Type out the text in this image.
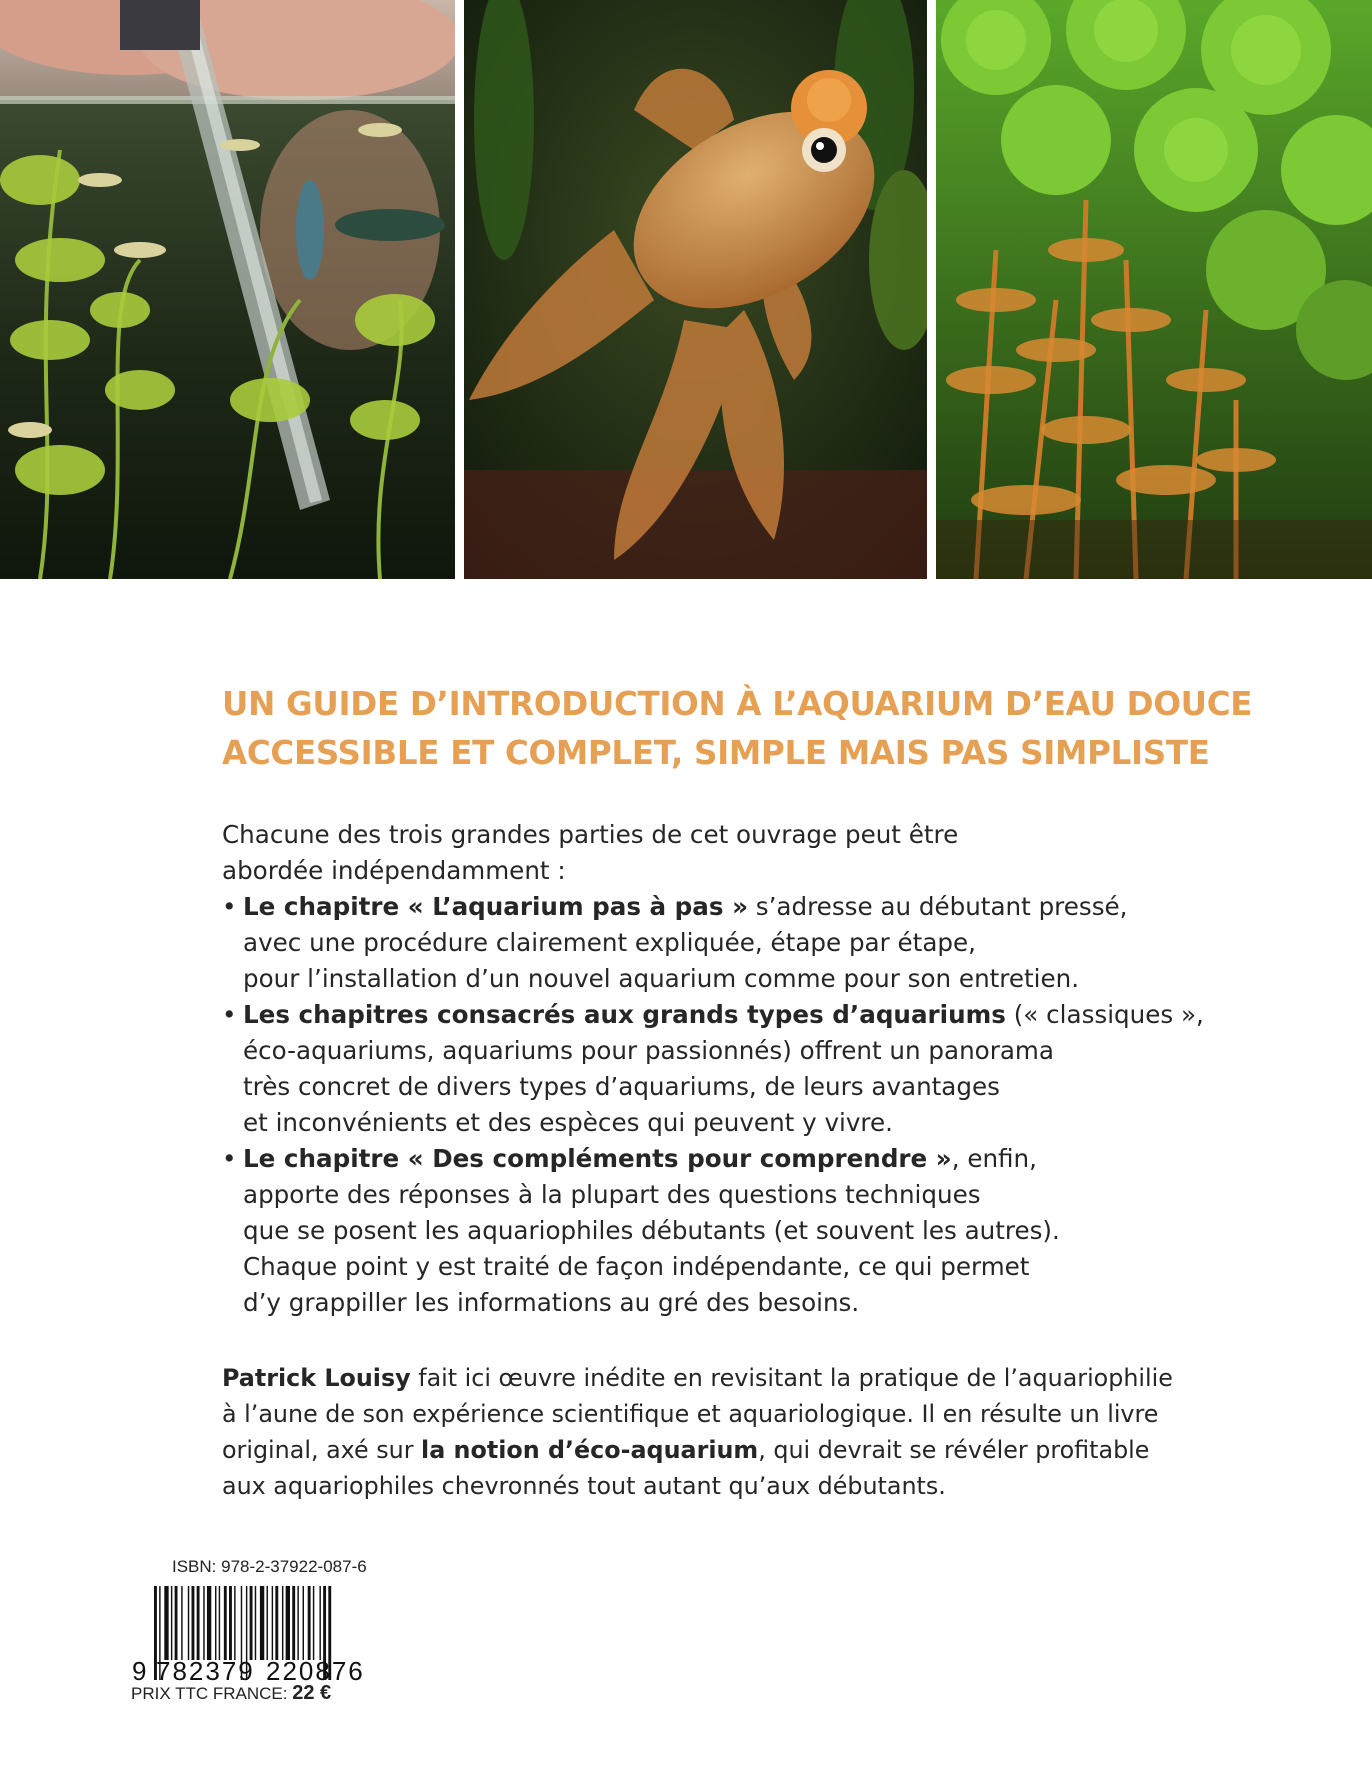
UN GUIDE D’INTRODUCTION À L’AQUARIUM D’EAU DOUCE
ACCESSIBLE ET COMPLET, SIMPLE MAIS PAS SIMPLISTE
Chacune des trois grandes parties de cet ouvrage peut être
abordée indépendamment :
• Le chapitre « L’aquarium pas à pas » s’adresse au débutant pressé,
avec une procédure clairement expliquée, étape par étape,
pour l’installation d’un nouvel aquarium comme pour son entretien.
• Les chapitres consacrés aux grands types d’aquariums (« classiques »,
éco-aquariums, aquariums pour passionnés) offrent un panorama
très concret de divers types d’aquariums, de leurs avantages
et inconvénients et des espèces qui peuvent y vivre.
• Le chapitre « Des compléments pour comprendre », enfin,
apporte des réponses à la plupart des questions techniques
que se posent les aquariophiles débutants (et souvent les autres).
Chaque point y est traité de façon indépendante, ce qui permet
d’y grappiller les informations au gré des besoins.
Patrick Louisy fait ici œuvre inédite en revisitant la pratique de l’aquariophilie
à l’aune de son expérience scientifique et aquariologique. Il en résulte un livre
original, axé sur la notion d’éco-aquarium, qui devrait se révéler profitable
aux aquariophiles chevronnés tout autant qu’aux débutants.
ISBN: 978-2-37922-087-6
9 782379 220876
PRIX TTC FRANCE: 22 €
